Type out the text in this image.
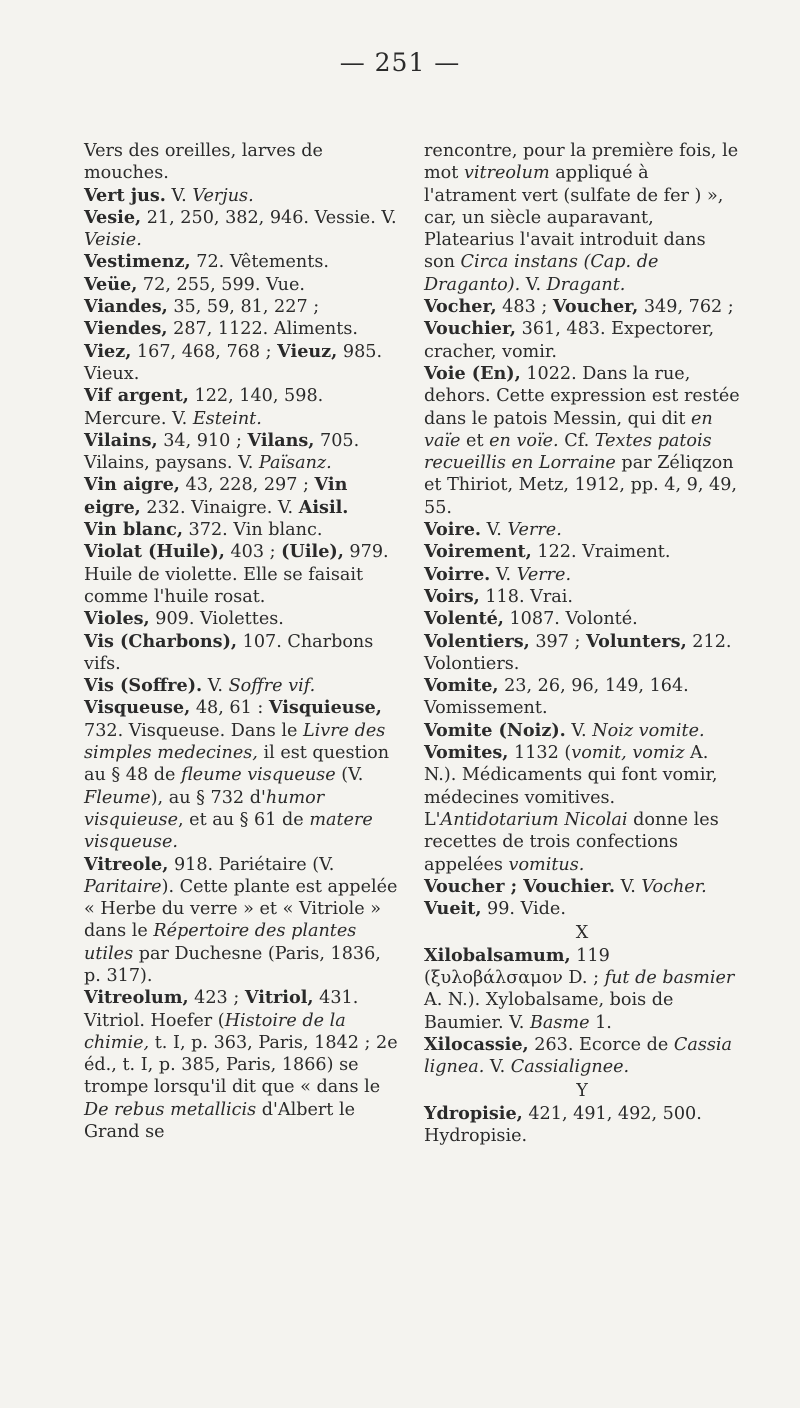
— 251 —

Vers des oreilles, larves de mouches.

Vert jus. V. Verjus.

Vesie, 21, 250, 382, 946. Vessie. V. Veisie.

Vestimenz, 72. Vêtements.

Veüe, 72, 255, 599. Vue.

Viandes, 35, 59, 81, 227 ; Viendes, 287, 1122. Aliments.

Viez, 167, 468, 768 ; Vieuz, 985. Vieux.

Vif argent, 122, 140, 598. Mercure. V. Esteint.

Vilains, 34, 910 ; Vilans, 705. Vilains, paysans. V. Païsanz.

Vin aigre, 43, 228, 297 ; Vin eigre, 232. Vinaigre. V. Aisil.

Vin blanc, 372. Vin blanc.

Violat (Huile), 403 ; (Uile), 979. Huile de violette. Elle se faisait comme l'huile rosat.

Violes, 909. Violettes.

Vis (Charbons), 107. Charbons vifs.

Vis (Soffre). V. Soffre vif.

Visqueuse, 48, 61 : Visquieuse, 732. Visqueuse. Dans le Livre des simples medecines, il est question au § 48 de fleume visqueuse (V. Fleume), au § 732 d'humor visquieuse, et au § 61 de matere visqueuse.

Vitreole, 918. Pariétaire (V. Paritaire). Cette plante est appelée « Herbe du verre » et « Vitriole » dans le Répertoire des plantes utiles par Duchesne (Paris, 1836, p. 317).

Vitreolum, 423 ; Vitriol, 431. Vitriol. Hoefer (Histoire de la chimie, t. I, p. 363, Paris, 1842 ; 2e éd., t. I, p. 385, Paris, 1866) se trompe lorsqu'il dit que « dans le De rebus metallicis d'Albert le Grand se

rencontre, pour la première fois, le mot vitreolum appliqué à l'atrament vert (sulfate de fer ) », car, un siècle auparavant, Platearius l'avait introduit dans son Circa instans (Cap. de Draganto). V. Dragant.

Vocher, 483 ; Voucher, 349, 762 ; Vouchier, 361, 483. Expectorer, cracher, vomir.

Voie (En), 1022. Dans la rue, dehors. Cette expression est restée dans le patois Messin, qui dit en vaïe et en voïe. Cf. Textes patois recueillis en Lorraine par Zéliqzon et Thiriot, Metz, 1912, pp. 4, 9, 49, 55.

Voire. V. Verre.

Voirement, 122. Vraiment.

Voirre. V. Verre.

Voirs, 118. Vrai.

Volenté, 1087. Volonté.

Volentiers, 397 ; Volunters, 212. Volontiers.

Vomite, 23, 26, 96, 149, 164. Vomissement.

Vomite (Noiz). V. Noiz vomite.

Vomites, 1132 (vomit, vomiz A. N.). Médicaments qui font vomir, médecines vomitives. L'Antidotarium Nicolai donne les recettes de trois confections appelées vomitus.

Voucher ; Vouchier. V. Vocher.

Vueit, 99. Vide.

X

Xilobalsamum, 119 (ξυλοβάλσαμον D. ; fut de basmier A. N.). Xylobalsame, bois de Baumier. V. Basme 1.

Xilocassie, 263. Ecorce de Cassia lignea. V. Cassialignee.

Y

Ydropisie, 421, 491, 492, 500. Hydropisie.
